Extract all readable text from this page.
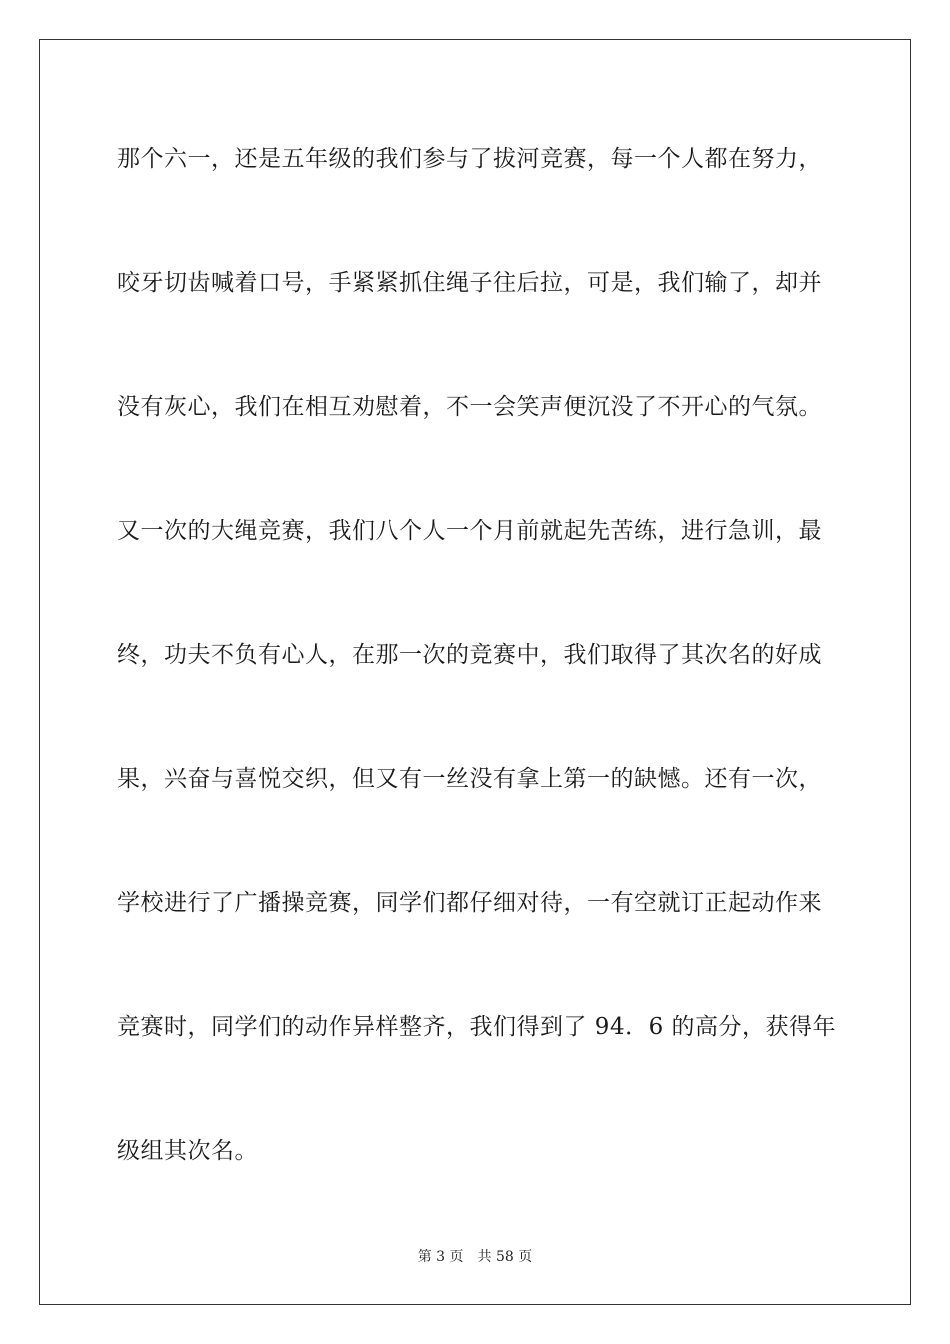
那个六一，还是五年级的我们参与了拔河竞赛，每一个人都在努力，
咬牙切齿喊着口号，手紧紧抓住绳子往后拉，可是，我们输了，却并
没有灰心，我们在相互劝慰着，不一会笑声便沉没了不开心的气氛。
又一次的大绳竞赛，我们八个人一个月前就起先苦练，进行急训，最
终，功夫不负有心人，在那一次的竞赛中，我们取得了其次名的好成
果，兴奋与喜悦交织，但又有一丝没有拿上第一的缺憾。还有一次，
学校进行了广播操竞赛，同学们都仔细对待，一有空就订正起动作来
竞赛时，同学们的动作异样整齐，我们得到了 94．6 的高分，获得年
级组其次名。
第 3 页 共 58 页
